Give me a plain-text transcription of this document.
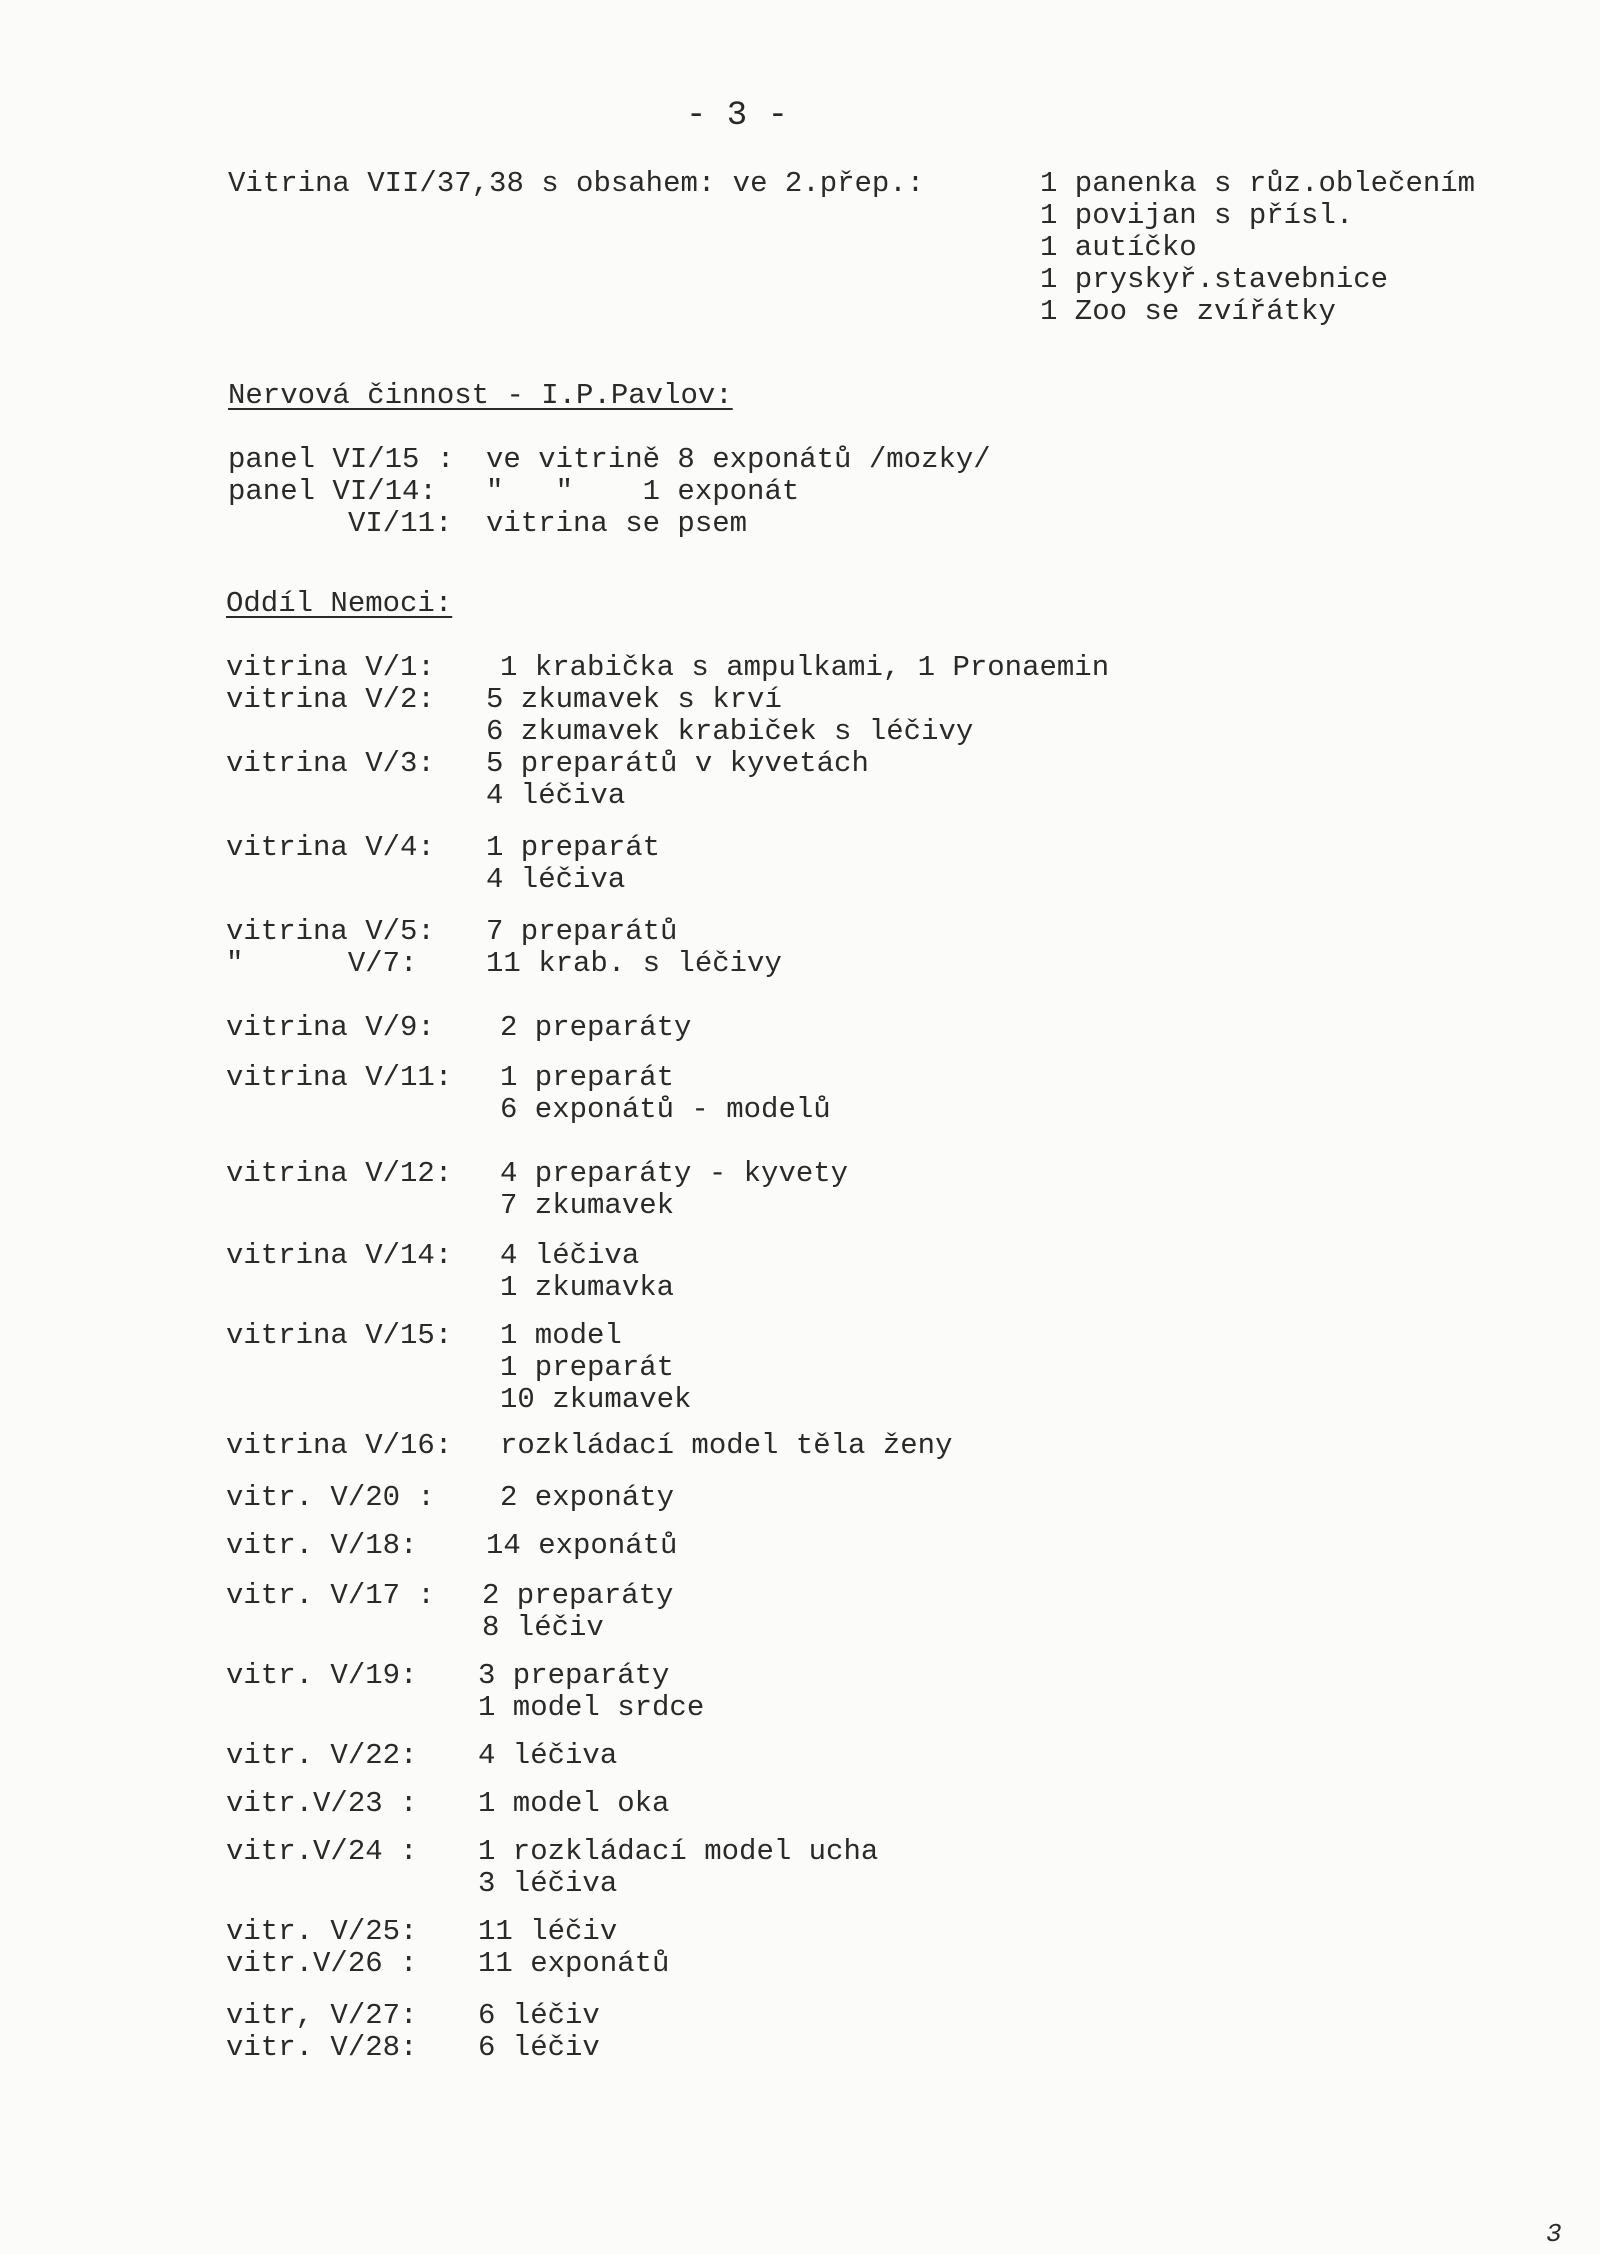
- 3 -
Vitrina VII/37,38 s obsahem: ve 2.přep.:	1 panenka s růz.oblečením
1 povijan s přísl.
1 autíčko
1 pryskyř.stavebnice
1 Zoo se zvířátky
Nervová činnost - I.P.Pavlov:
panel VI/15 : ve vitrině 8 exponátů /mozky/
panel VI/14: "   "    1 exponát
VI/11: vitrina se psem
Oddíl Nemoci:
vitrina V/1: 1 krabička s ampulkami, 1 Pronaemin
vitrina V/2: 5 zkumavek s krví
6 zkumavek krabiček s léčivy
vitrina V/3: 5 preparátů v kyvetách
4 léčiva
vitrina V/4: 1 preparát
4 léčiva
vitrina V/5: 7 preparátů
"      V/7: 11 krab. s léčivy
vitrina V/9: 2 preparáty
vitrina V/11: 1 preparát
6 exponátů - modelů
vitrina V/12: 4 preparáty - kyvety
7 zkumavek
vitrina V/14: 4 léčiva
1 zkumavka
vitrina V/15: 1 model
1 preparát
10 zkumavek
vitrina V/16: rozkládací model těla ženy
vitr. V/20 : 2 exponáty
vitr. V/18: 14 exponátů
vitr. V/17 : 2 preparáty
8 léčiv
vitr. V/19: 3 preparáty
1 model srdce
vitr. V/22: 4 léčiva
vitr.V/23 : 1 model oka
vitr.V/24 : 1 rozkládací model ucha
3 léčiva
vitr. V/25: 11 léčiv
vitr.V/26 : 11 exponátů
vitr, V/27: 6 léčiv
vitr. V/28: 6 léčiv
3
